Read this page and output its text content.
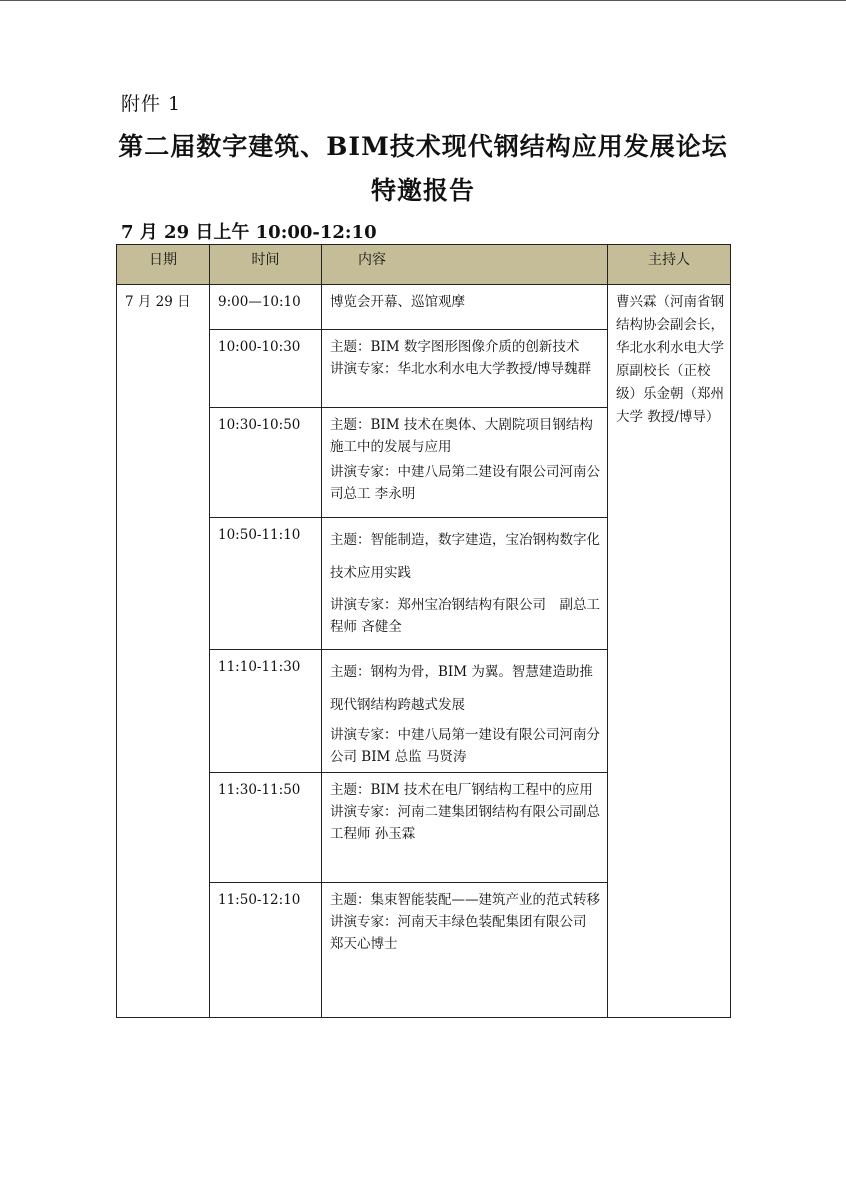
附件 1
第二届数字建筑、BIM技术现代钢结构应用发展论坛
特邀报告
7 月 29 日上午 10:00-12:10
日期	时间	内容	主持人
7 月 29 日	9:00—10:10	博览会开幕、巡馆观摩	曹兴霖（河南省钢结构协会副会长，华北水利水电大学原副校长（正校级）乐金朝（郑州大学 教授/博导）
	10:00-10:30	主题：BIM 数字图形图像介质的创新技术
讲演专家：华北水利水电大学教授/博导魏群	

	10:30-10:50	主题：BIM 技术在奥体、大剧院项目钢结构施工中的发展与应用
讲演专家：中建八局第二建设有限公司河南公司总工 李永明	

	10:50-11:10	主题：智能制造，数字建造，宝冶钢构数字化技术应用实践
讲演专家：郑州宝冶钢结构有限公司　副总工程师 吝健全	

	11:10-11:30	主题：钢构为骨，BIM 为翼。智慧建造助推现代钢结构跨越式发展
讲演专家：中建八局第一建设有限公司河南分公司 BIM 总监 马贤涛	

	11:30-11:50	主题：BIM 技术在电厂钢结构工程中的应用
讲演专家：河南二建集团钢结构有限公司副总工程师 孙玉霖	

	11:50-12:10	主题：集束智能装配——建筑产业的范式转移
讲演专家：河南天丰绿色装配集团有限公司 郑天心博士	
